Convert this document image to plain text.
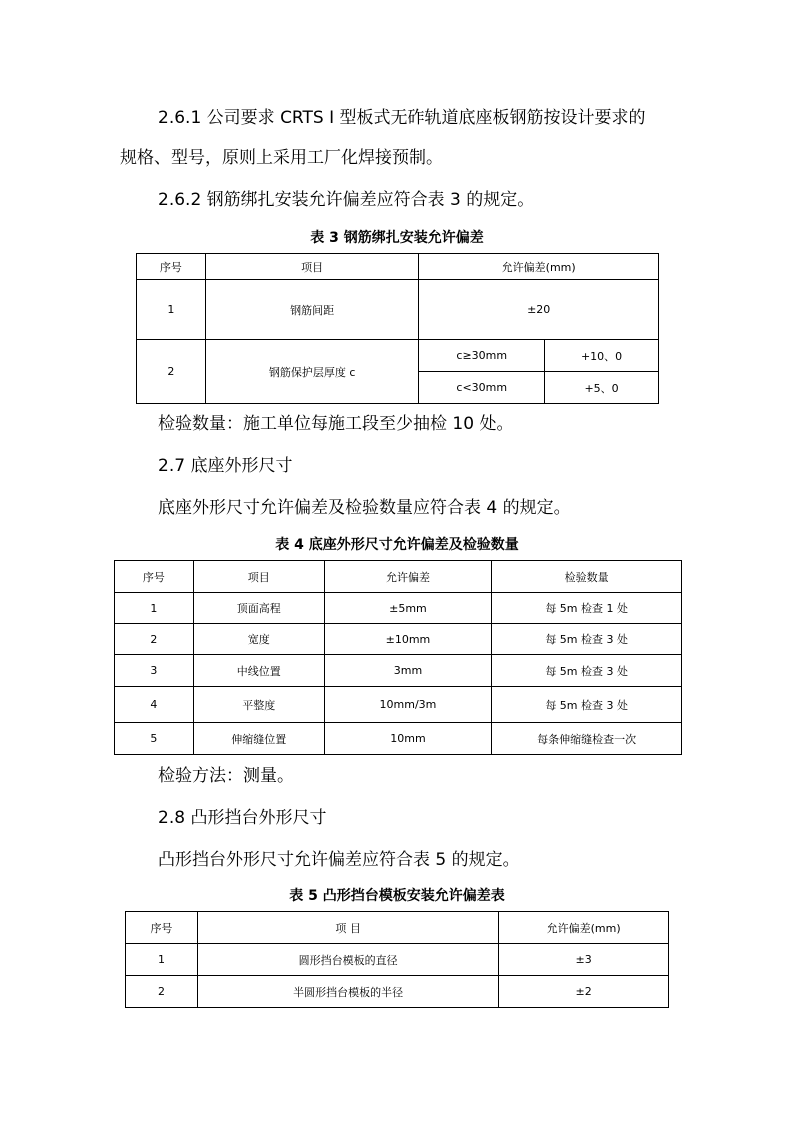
2.6.1 公司要求 CRTS I 型板式无砟轨道底座板钢筋按设计要求的
规格、型号，原则上采用工厂化焊接预制。
2.6.2 钢筋绑扎安装允许偏差应符合表 3 的规定。
表 3 钢筋绑扎安装允许偏差
序号	项目	允许偏差(mm)	
1	钢筋间距	±20	
2	钢筋保护层厚度 c	c≥30mm	+10、0
		c<30mm	+5、0
检验数量：施工单位每施工段至少抽检 10 处。
2.7 底座外形尺寸
底座外形尺寸允许偏差及检验数量应符合表 4 的规定。
表 4 底座外形尺寸允许偏差及检验数量
序号	项目	允许偏差	检验数量
1	顶面高程	±5mm	每 5m 检查 1 处
2	宽度	±10mm	每 5m 检查 3 处
3	中线位置	3mm	每 5m 检查 3 处
4	平整度	10mm/3m	每 5m 检查 3 处
5	伸缩缝位置	10mm	每条伸缩缝检查一次
检验方法：测量。
2.8 凸形挡台外形尺寸
凸形挡台外形尺寸允许偏差应符合表 5 的规定。
表 5 凸形挡台模板安装允许偏差表
序号	项 目	允许偏差(mm)
1	圆形挡台模板的直径	±3
2	半圆形挡台模板的半径	±2
